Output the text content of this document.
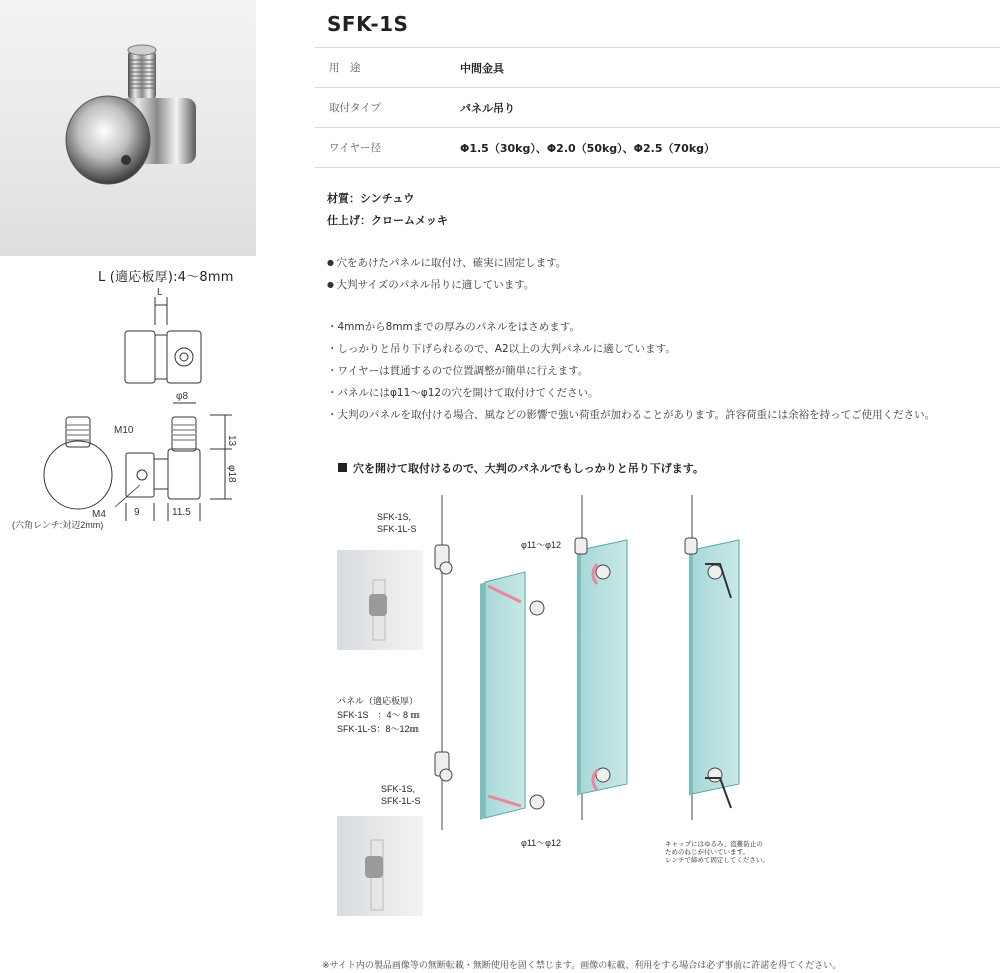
L (適応板厚):4～8mm
L
φ8
M10
13
φ18
M4	9	11.5
(六角レンチ:対辺2mm)
SFK-1S
用　途	中間金具
取付タイプ	パネル吊り
ワイヤー径	Φ1.5（30kg）、Φ2.0（50kg）、Φ2.5（70kg）
材質：シンチュウ
仕上げ：クロームメッキ
● 穴をあけたパネルに取付け、確実に固定します。
● 大判サイズのパネル吊りに適しています。
・ 4mmから8mmまでの厚みのパネルをはさめます。
・ しっかりと吊り下げられるので、A2以上の大判パネルに適しています。
・ ワイヤーは貫通するので位置調整が簡単に行えます。
・ パネルにはφ11～φ12の穴を開けて取付けてください。
・ 大判のパネルを取付ける場合、風などの影響で強い荷重が加わることがあります。許容荷重には余裕を持ってご使用ください。
穴を開けて取付けるので、大判のパネルでもしっかりと吊り下げます。
SFK-1S,
SFK-1L-S
φ11～φ12
パネル（適応板厚）
SFK-1S　：4～ 8 ㎜
SFK-1L-S：8～12㎜
SFK-1S,
SFK-1L-S
φ11～φ12	キャップにはゆるみ、盗難防止の
ためのねじが付いています。
レンチで締めて固定してください。
※サイト内の製品画像等の無断転載・無断使用を固く禁じます。画像の転載、利用をする場合は必ず事前に許諾を得てください。
